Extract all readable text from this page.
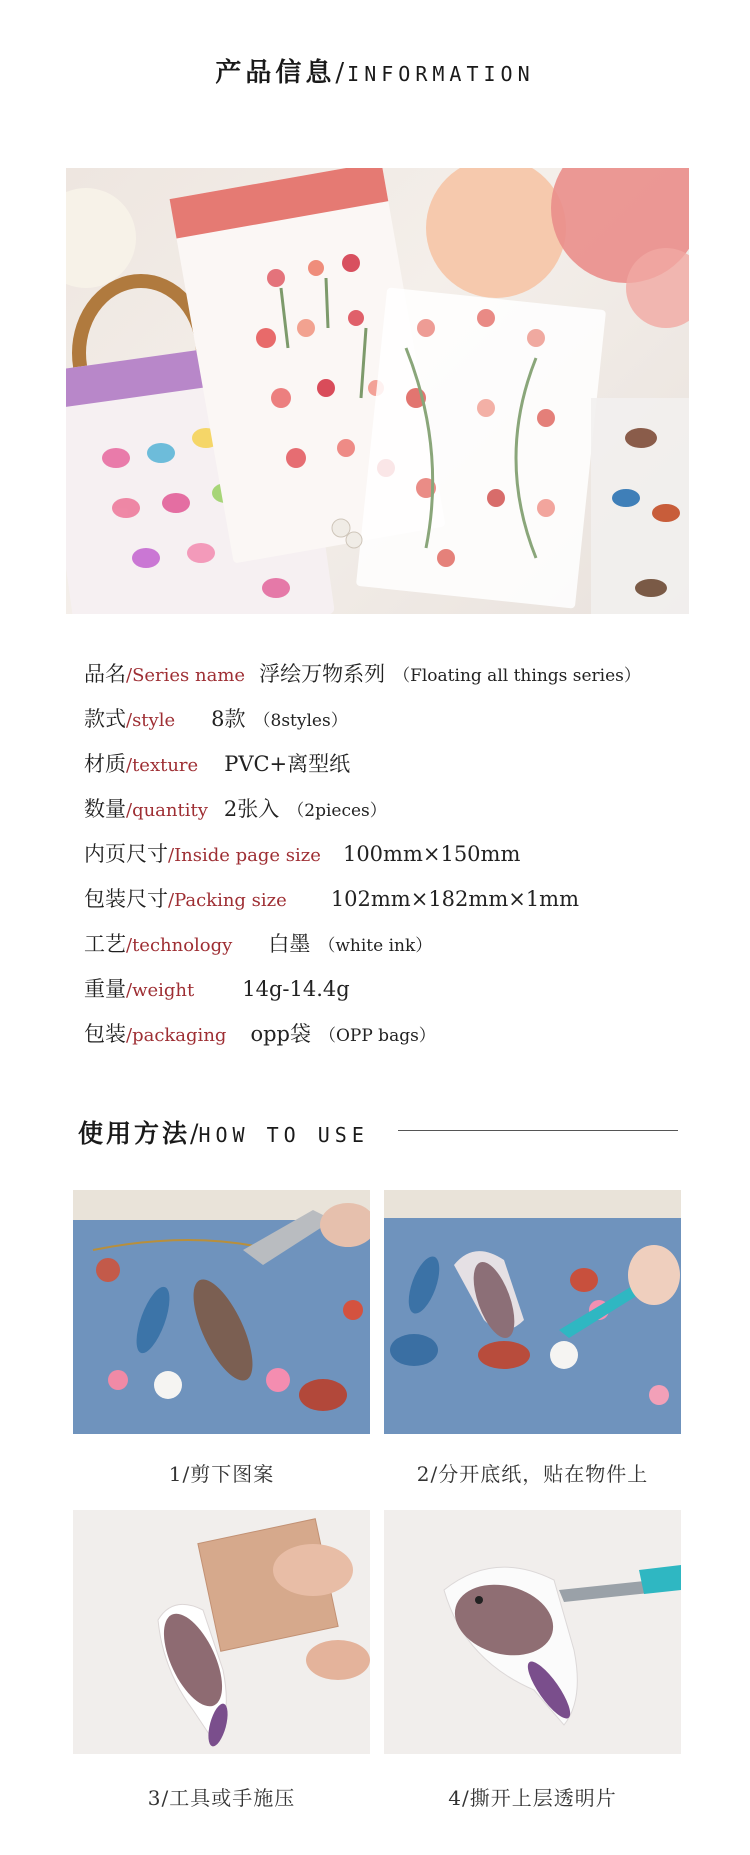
产品信息/INFORMATION
品名 /Series name 浮绘万物系列 （Floating all things series）
款式 /style 8款 （8styles）
材质 /texture PVC+离型纸
数量 /quantity 2张入 （2pieces）
内页尺寸 /Inside page size 100mm×150mm
包装尺寸 /Packing size 102mm×182mm×1mm
工艺 /technology 白墨 （white ink）
重量 /weight 14g-14.4g
包装 /packaging opp袋 （OPP bags）
使用方法/HOW TO USE
1/剪下图案	2/分开底纸，贴在物件上
3/工具或手施压	4/撕开上层透明片
